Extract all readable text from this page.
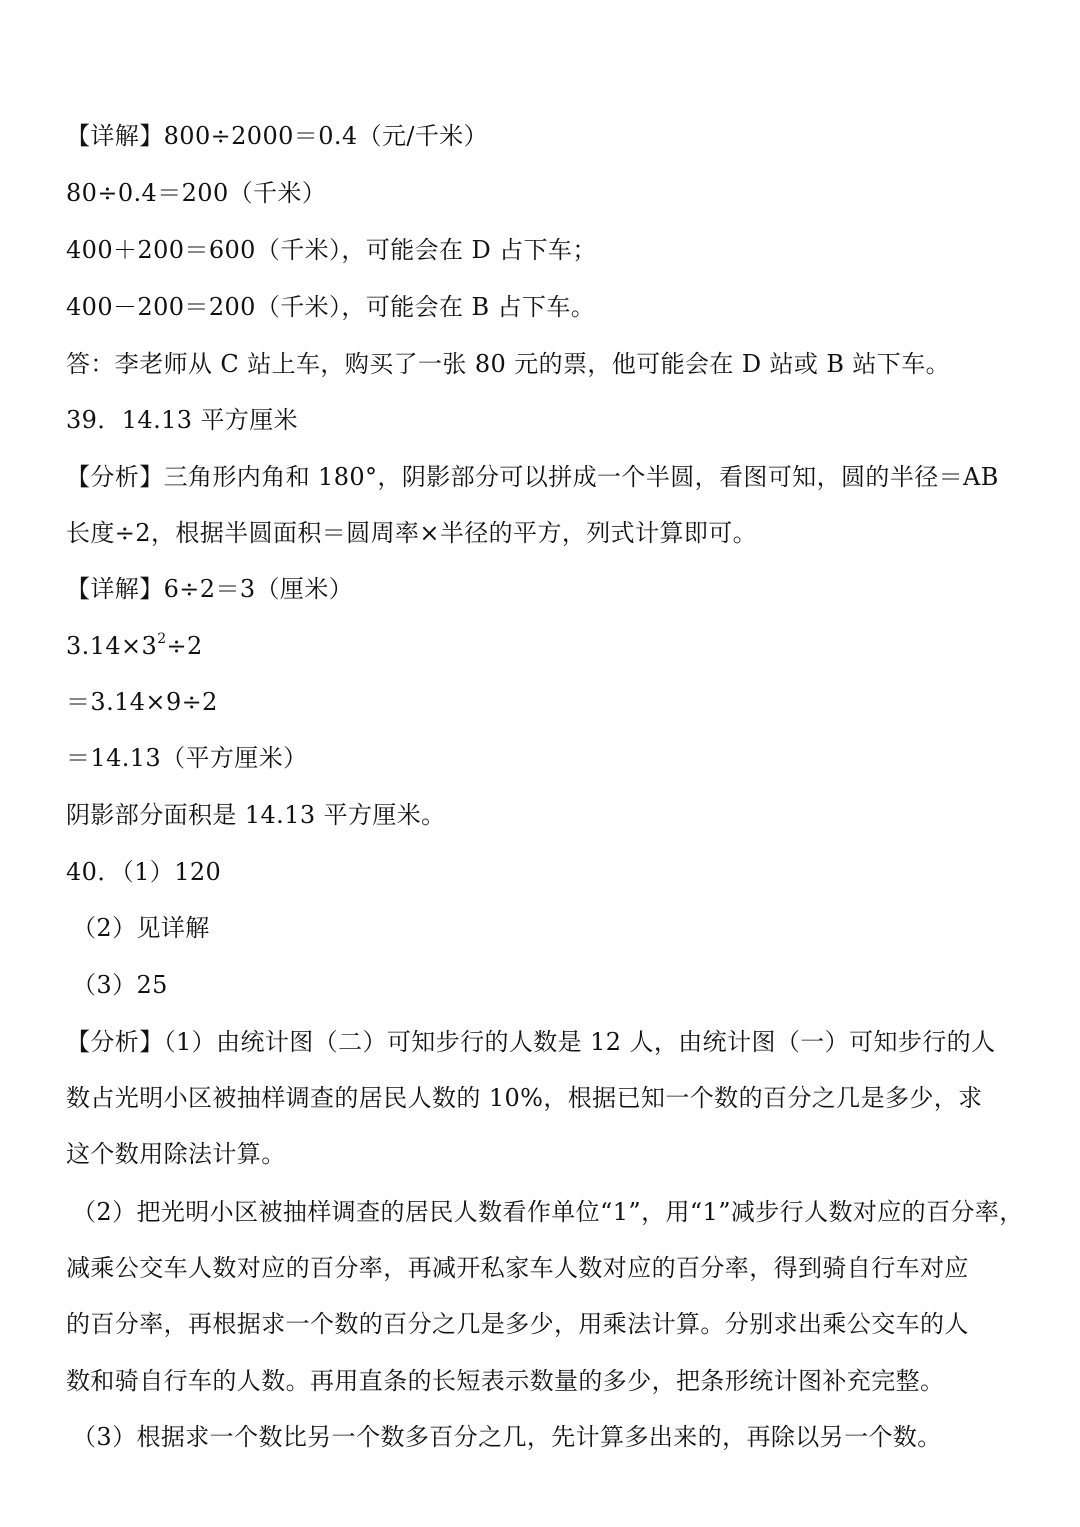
【详解】800÷2000＝0.4（元/千米）
80÷0.4＝200（千米）
400＋200＝600（千米），可能会在 D 占下车；
400－200＝200（千米），可能会在 B 占下车。
答：李老师从 C 站上车，购买了一张 80 元的票，他可能会在 D 站或 B 站下车。
39．14.13 平方厘米
【分析】三角形内角和 180°，阴影部分可以拼成一个半圆，看图可知，圆的半径＝AB
长度÷2，根据半圆面积＝圆周率×半径的平方，列式计算即可。
【详解】6÷2＝3（厘米）
$3.14\times 3^2\div 2$
＝3.14×9÷2
＝14.13（平方厘米）
阴影部分面积是 14.13 平方厘米。
40．（1）120
（2）见详解
（3）25
【分析】（1）由统计图（二）可知步行的人数是 12 人，由统计图（一）可知步行的人
数占光明小区被抽样调查的居民人数的 10%，根据已知一个数的百分之几是多少，求
这个数用除法计算。
（2）把光明小区被抽样调查的居民人数看作单位“1”，用“1”减步行人数对应的百分率，
减乘公交车人数对应的百分率，再减开私家车人数对应的百分率，得到骑自行车对应
的百分率，再根据求一个数的百分之几是多少，用乘法计算。分别求出乘公交车的人
数和骑自行车的人数。再用直条的长短表示数量的多少，把条形统计图补充完整。
（3）根据求一个数比另一个数多百分之几，先计算多出来的，再除以另一个数。
